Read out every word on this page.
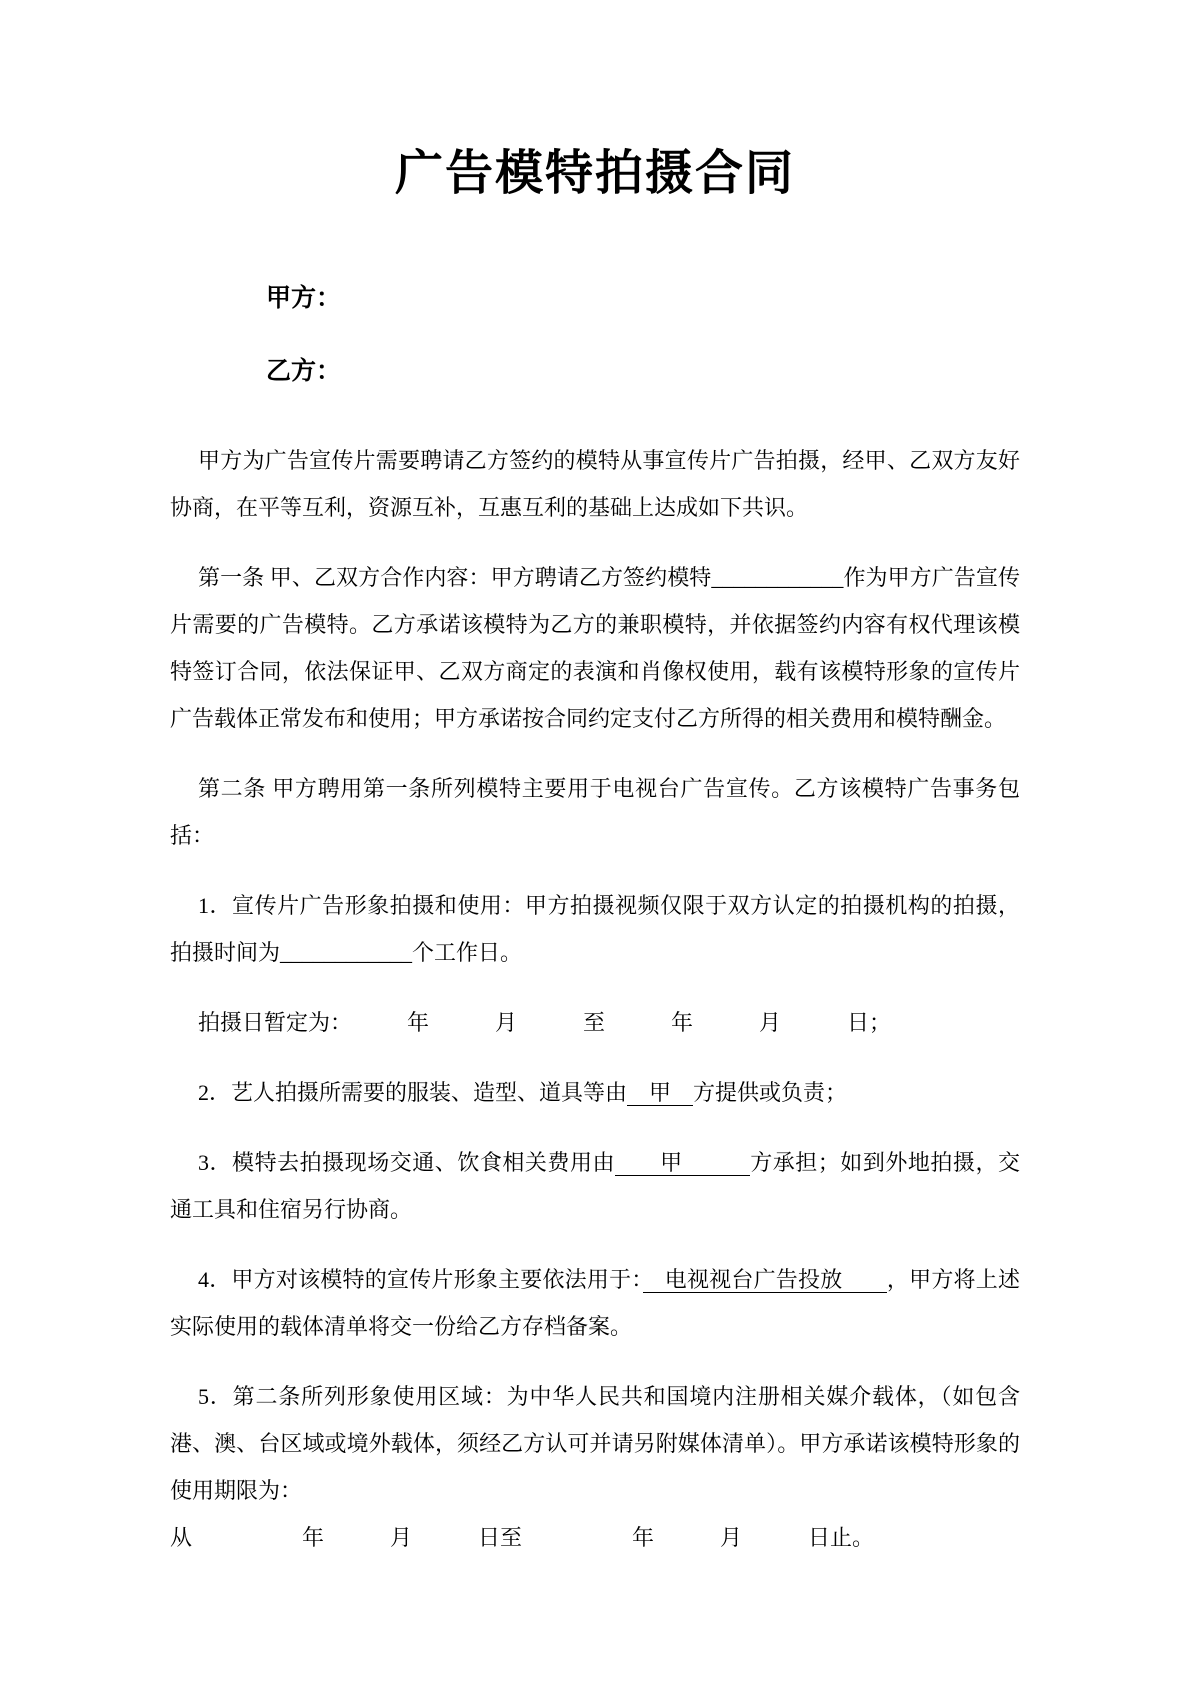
广告模特拍摄合同

甲方：

乙方：

甲方为广告宣传片需要聘请乙方签约的模特从事宣传片广告拍摄，经甲、乙双方友好协商，在平等互利，资源互补，互惠互利的基础上达成如下共识。

第一条 甲、乙双方合作内容：甲方聘请乙方签约模特____________作为甲方广告宣传片需要的广告模特。乙方承诺该模特为乙方的兼职模特，并依据签约内容有权代理该模特签订合同，依法保证甲、乙双方商定的表演和肖像权使用，载有该模特形象的宣传片广告载体正常发布和使用；甲方承诺按合同约定支付乙方所得的相关费用和模特酬金。

第二条 甲方聘用第一条所列模特主要用于电视台广告宣传。乙方该模特广告事务包括：

1．宣传片广告形象拍摄和使用：甲方拍摄视频仅限于双方认定的拍摄机构的拍摄，拍摄时间为____________个工作日。

拍摄日暂定为：　　　年　　　月　　　至　　　年　　　月　　　日；

2．艺人拍摄所需要的服装、造型、道具等由　甲　方提供或负责；

3．模特去拍摄现场交通、饮食相关费用由　　甲　　　方承担；如到外地拍摄，交通工具和住宿另行协商。

4．甲方对该模特的宣传片形象主要依法用于：　电视视台广告投放　　，甲方将上述实际使用的载体清单将交一份给乙方存档备案。

5．第二条所列形象使用区域：为中华人民共和国境内注册相关媒介载体，（如包含港、澳、台区域或境外载体，须经乙方认可并请另附媒体清单）。甲方承诺该模特形象的使用期限为：

从　　　　　年　　　月　　　日至　　　　　年　　　月　　　日止。
